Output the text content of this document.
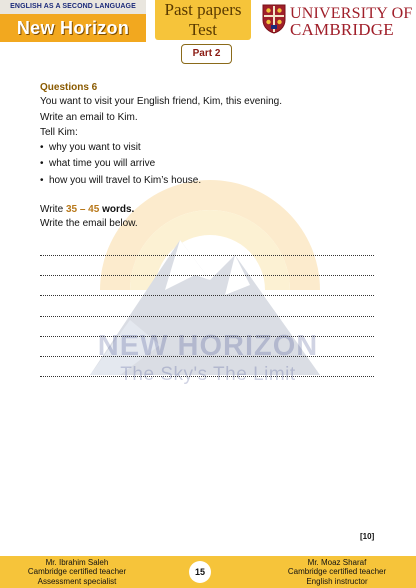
ENGLISH AS A SECOND LANGUAGE
New Horizon
Past papers
Test
UNIVERSITY OF
CAMBRIDGE
Part 2
NEW HORIZON
The Sky's The Limit
Questions 6
You want to visit your English friend, Kim, this evening.
Write an email to Kim.
Tell Kim:
• why you want to visit
• what time you will arrive
• how you will travel to Kim’s house.
Write 35 – 45 words.
Write the email below.
[10]
Mr. Ibrahim Saleh
Cambridge certified teacher
Assessment specialist
15
Mr. Moaz Sharaf
Cambridge certified teacher
English instructor
